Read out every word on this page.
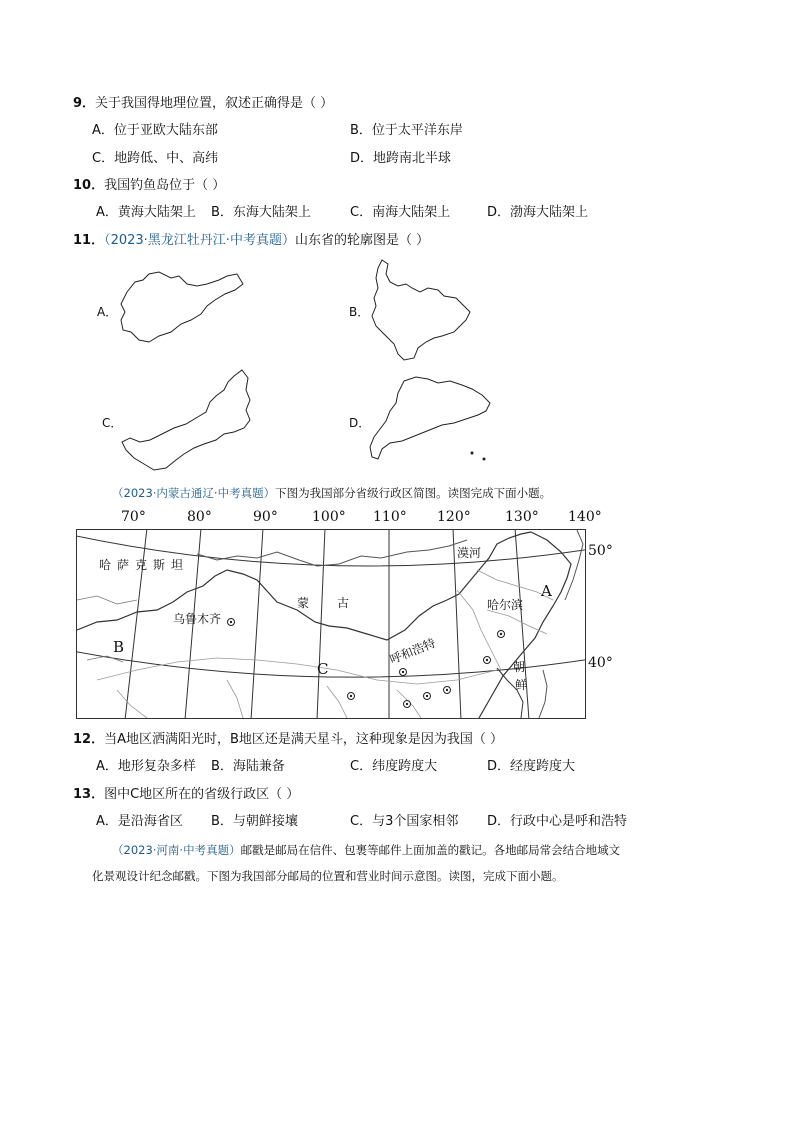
9．关于我国得地理位置，叙述正确得是（ ）
A．位于亚欧大陆东部	B．位于太平洋东岸
C．地跨低、中、高纬	D．地跨南北半球
10．我国钓鱼岛位于（ ）
A．黄海大陆架上 B．东海大陆架上	C．南海大陆架上	D．渤海大陆架上
11．（2023·黑龙江牡丹江·中考真题）山东省的轮廓图是（ ）
A．	B．
C．	D．
（2023·内蒙古通辽·中考真题）下图为我国部分省级行政区简图。读图完成下面小题。
70°	80°	90° 100° 110° 120° 130° 140°
50°
40°
哈萨克斯坦
乌鲁木齐
蒙 古
漠河
哈尔滨
呼和浩特
朝
鲜
A
B
C
12．当A地区洒满阳光时，B地区还是满天星斗，这种现象是因为我国（ ）
A．地形复杂多样 B．海陆兼备	C．纬度跨度大	D．经度跨度大
13．图中C地区所在的省级行政区（ ）
A．是沿海省区 B．与朝鲜接壤	C．与3个国家相邻 D．行政中心是呼和浩特
（2023·河南·中考真题）邮戳是邮局在信件、包裹等邮件上面加盖的戳记。各地邮局常会结合地域文
化景观设计纪念邮戳。下图为我国部分邮局的位置和营业时间示意图。读图，完成下面小题。
